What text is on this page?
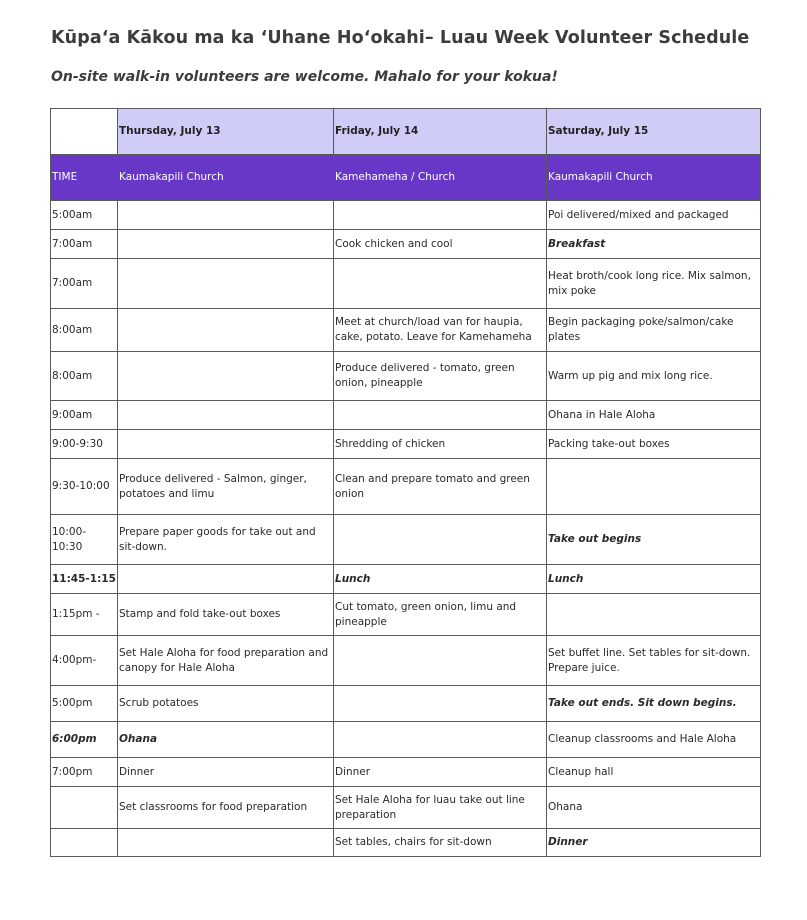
Kūpaʻa Kākou ma ka ʻUhane Hoʻokahi– Luau Week Volunteer Schedule
On-site walk-in volunteers are welcome. Mahalo for your kokua!
	Thursday, July 13	Friday, July 14	Saturday, July 15
TIME	Kaumakapili Church	Kamehameha / Church	Kaumakapili Church
5:00am			Poi delivered/mixed and packaged
7:00am		Cook chicken and cool	Breakfast
7:00am			Heat broth/cook long rice. Mix salmon, mix poke
8:00am		Meet at church/load van for haupia, cake, potato. Leave for Kamehameha	Begin packaging poke/salmon/cake plates
8:00am		Produce delivered - tomato, green onion, pineapple	Warm up pig and mix long rice.
9:00am			Ohana in Hale Aloha
9:00-9:30		Shredding of chicken	Packing take-out boxes
9:30-10:00	Produce delivered - Salmon, ginger, potatoes and limu	Clean and prepare tomato and green onion	
10:00-10:30	Prepare paper goods for take out and sit-down.		Take out begins
11:45-1:15		Lunch	Lunch
1:15pm -	Stamp and fold take-out boxes	Cut tomato, green onion, limu and pineapple	
4:00pm-	Set Hale Aloha for food preparation and canopy for Hale Aloha		Set buffet line. Set tables for sit-down. Prepare juice.
5:00pm	Scrub potatoes		Take out ends. Sit down begins.
6:00pm	Ohana		Cleanup classrooms and Hale Aloha
7:00pm	Dinner	Dinner	Cleanup hall
	Set classrooms for food preparation	Set Hale Aloha for luau take out line preparation	Ohana
		Set tables, chairs for sit-down	Dinner
